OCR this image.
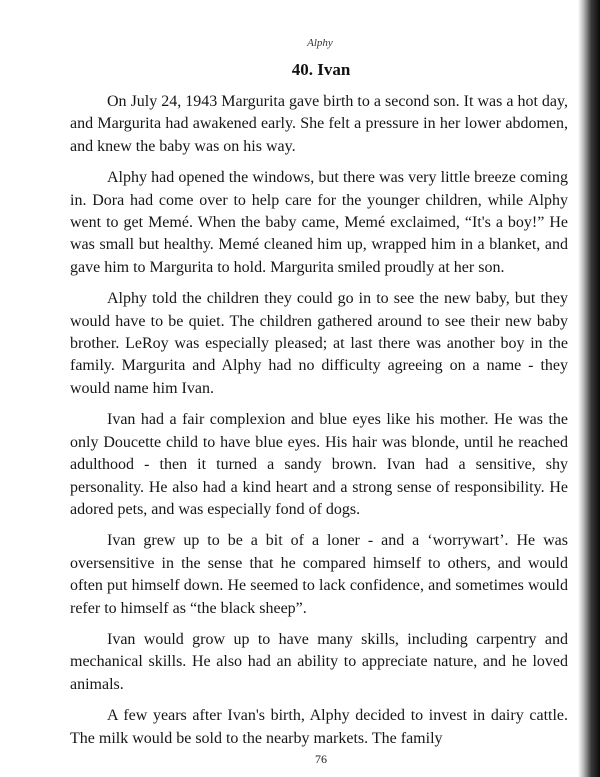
Alphy
40. Ivan

On July 24, 1943 Margurita gave birth to a second son. It was a hot day, and Margurita had awakened early. She felt a pressure in her lower abdomen, and knew the baby was on his way.

Alphy had opened the windows, but there was very little breeze coming in. Dora had come over to help care for the younger children, while Alphy went to get Memé. When the baby came, Memé exclaimed, “It's a boy!” He was small but healthy. Memé cleaned him up, wrapped him in a blanket, and gave him to Margurita to hold. Margurita smiled proudly at her son.

Alphy told the children they could go in to see the new baby, but they would have to be quiet. The children gathered around to see their new baby brother. LeRoy was especially pleased; at last there was another boy in the family. Margurita and Alphy had no difficulty agreeing on a name - they would name him Ivan.

Ivan had a fair complexion and blue eyes like his mother. He was the only Doucette child to have blue eyes. His hair was blonde, until he reached adulthood - then it turned a sandy brown. Ivan had a sensitive, shy personality. He also had a kind heart and a strong sense of responsibility. He adored pets, and was especially fond of dogs.

Ivan grew up to be a bit of a loner - and a ‘worrywart’. He was oversensitive in the sense that he compared himself to others, and would often put himself down. He seemed to lack confidence, and sometimes would refer to himself as “the black sheep”.

Ivan would grow up to have many skills, including carpentry and mechanical skills. He also had an ability to appreciate nature, and he loved animals.

A few years after Ivan's birth, Alphy decided to invest in dairy cattle. The milk would be sold to the nearby markets. The family

76
